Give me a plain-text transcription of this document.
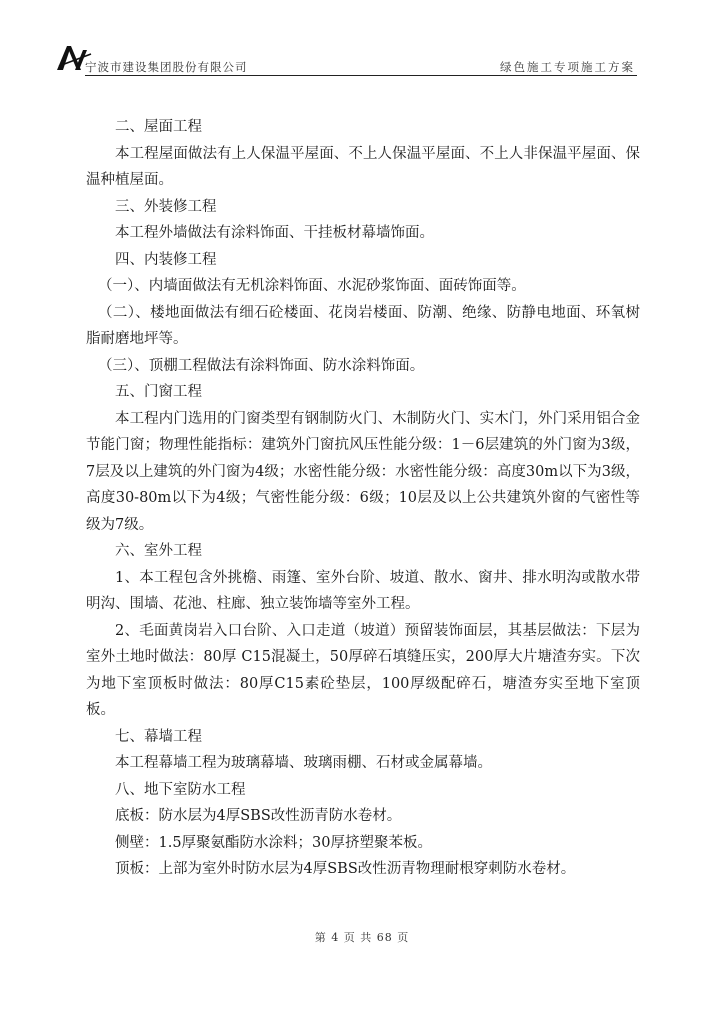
宁波市建设集团股份有限公司	绿色施工专项施工方案

二、屋面工程

本工程屋面做法有上人保温平屋面、不上人保温平屋面、不上人非保温平屋面、保温种植屋面。

三、外装修工程

本工程外墙做法有涂料饰面、干挂板材幕墙饰面。

四、内装修工程

（一）、内墙面做法有无机涂料饰面、水泥砂浆饰面、面砖饰面等。

（二）、楼地面做法有细石砼楼面、花岗岩楼面、防潮、绝缘、防静电地面、环氧树脂耐磨地坪等。

（三）、顶棚工程做法有涂料饰面、防水涂料饰面。

五、门窗工程

本工程内门选用的门窗类型有钢制防火门、木制防火门、实木门，外门采用铝合金节能门窗；物理性能指标：建筑外门窗抗风压性能分级：1－6层建筑的外门窗为3级，7层及以上建筑的外门窗为4级；水密性能分级：水密性能分级：高度30m以下为3级，高度30-80m以下为4级；气密性能分级：6级；10层及以上公共建筑外窗的气密性等级为7级。

六、室外工程

1、本工程包含外挑檐、雨篷、室外台阶、坡道、散水、窗井、排水明沟或散水带明沟、围墙、花池、柱廊、独立装饰墙等室外工程。

2、毛面黄岗岩入口台阶、入口走道（坡道）预留装饰面层，其基层做法：下层为室外土地时做法：80厚 C15混凝土，50厚碎石填缝压实，200厚大片塘渣夯实。下次为地下室顶板时做法：80厚C15素砼垫层，100厚级配碎石，塘渣夯实至地下室顶板。

七、幕墙工程

本工程幕墙工程为玻璃幕墙、玻璃雨棚、石材或金属幕墙。

八、地下室防水工程

底板：防水层为4厚SBS改性沥青防水卷材。

侧壁：1.5厚聚氨酯防水涂料；30厚挤塑聚苯板。

顶板：上部为室外时防水层为4厚SBS改性沥青物理耐根穿刺防水卷材。

第 4 页 共 68 页
